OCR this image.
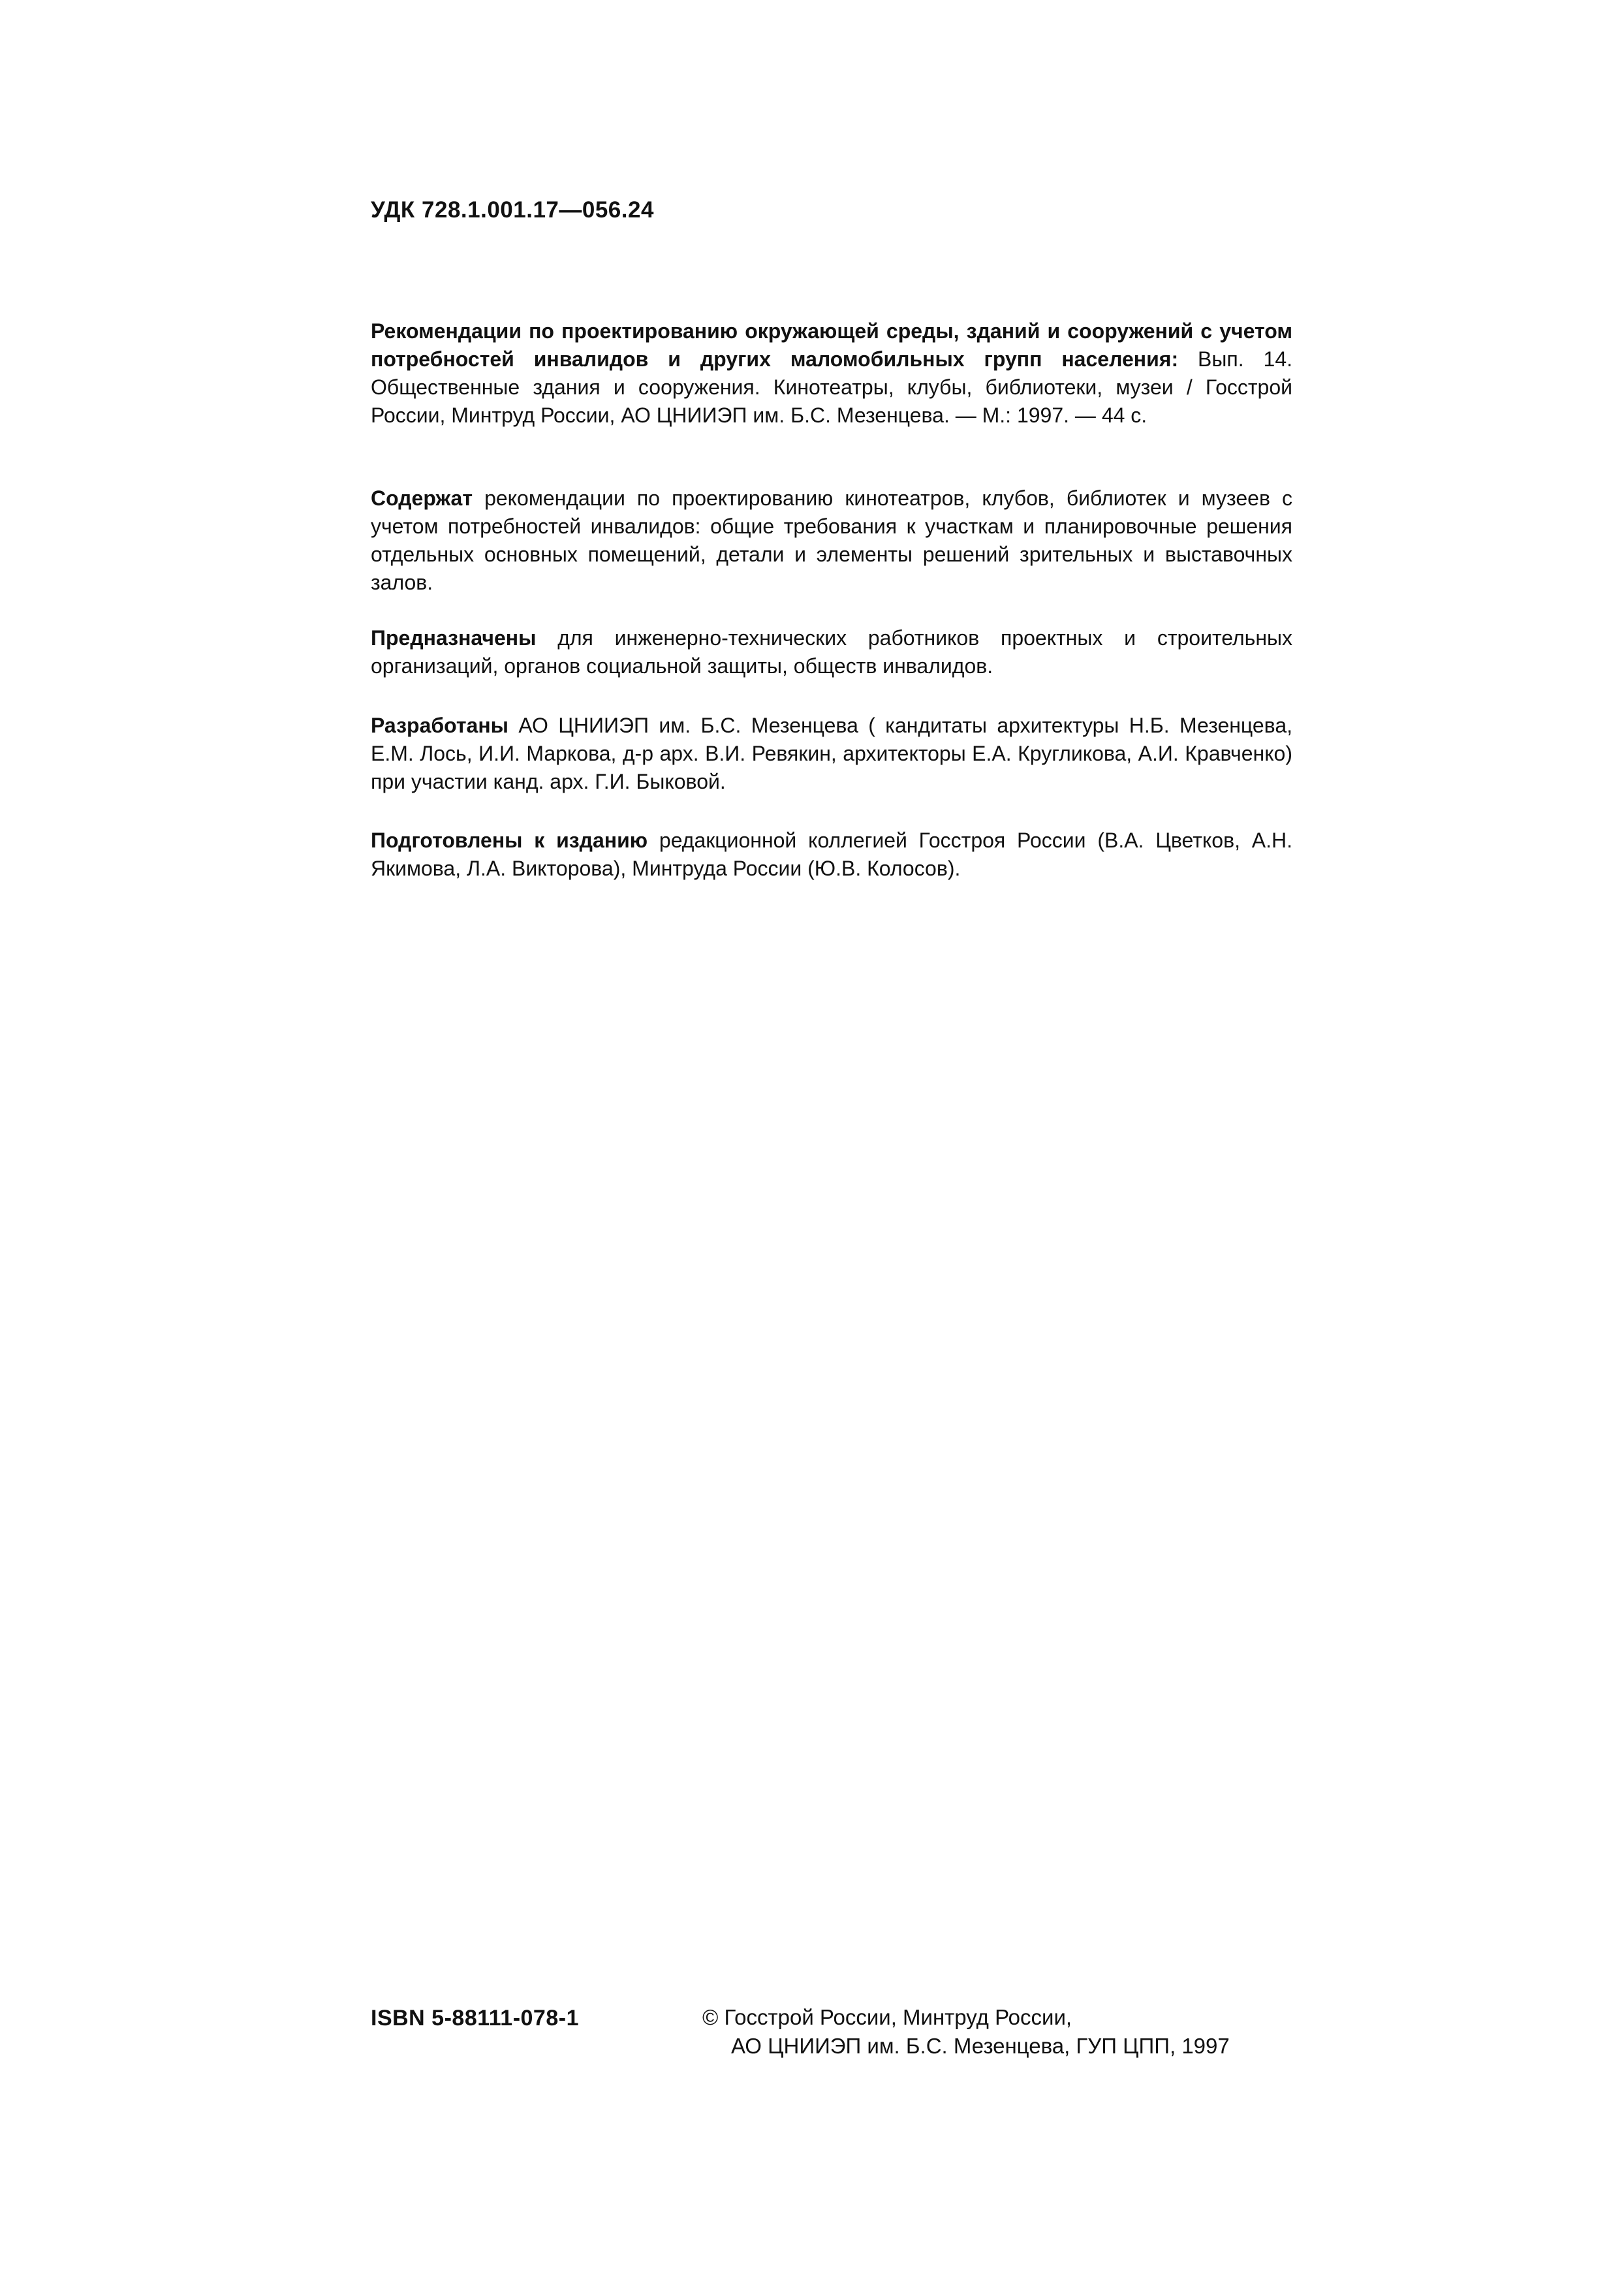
УДК 728.1.001.17—056.24

Рекомендации по проектированию окружающей среды, зданий и сооружений с учетом потребностей инвалидов и других маломобильных групп населения: Вып. 14. Общественные здания и сооружения. Кинотеатры, клубы, библиотеки, музеи / Госстрой России, Минтруд России, АО ЦНИИЭП им. Б.С. Мезенцева. — М.: 1997. — 44 с.

Содержат рекомендации по проектированию кинотеатров, клубов, библиотек и музеев с учетом потребностей инвалидов: общие требования к участкам и планировочные решения отдельных основных помещений, детали и элементы решений зрительных и выставочных залов.

Предназначены для инженерно-технических работников проектных и строительных организаций, органов социальной защиты, обществ инвалидов.

Разработаны АО ЦНИИЭП им. Б.С. Мезенцева ( кандитаты архитектуры Н.Б. Мезенцева, Е.М. Лось, И.И. Маркова, д-р арх. В.И. Ревякин, архитекторы Е.А. Кругликова, А.И. Кравченко) при участии канд. арх. Г.И. Быковой.

Подготовлены к изданию редакционной коллегией Госстроя России (В.А. Цветков, А.Н. Якимова, Л.А. Викторова), Минтруда России (Ю.В. Колосов).

ISBN 5-88111-078-1	© Госстрой России, Минтруд России,
АО ЦНИИЭП им. Б.С. Мезенцева, ГУП ЦПП, 1997
